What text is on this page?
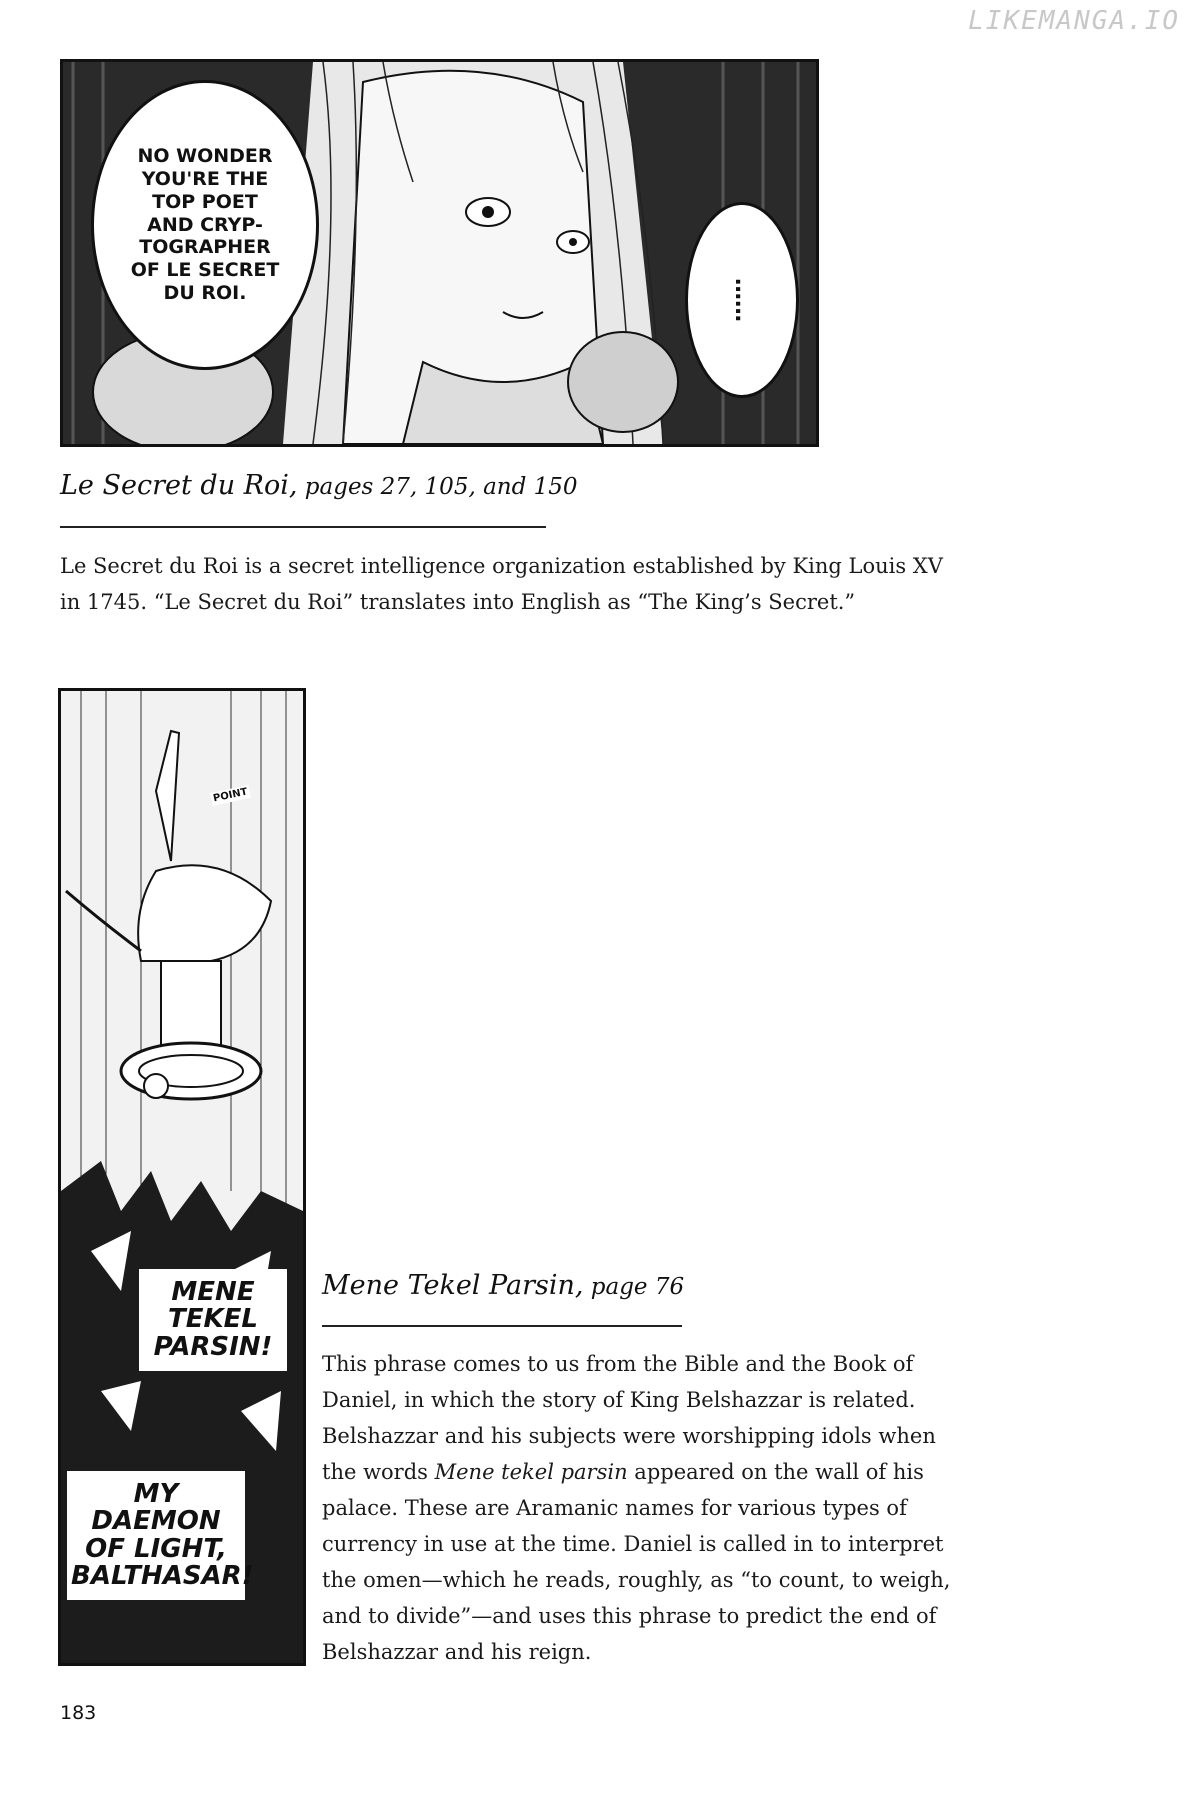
LIKEMANGA.IO
NO WONDER
YOU'RE THE
TOP POET
AND CRYP-
TOGRAPHER
OF LE SECRET
DU ROI.	……
Le Secret du Roi, pages 27, 105, and 150
Le Secret du Roi is a secret intelligence organization established by King Louis XV in 1745. “Le Secret du Roi” translates into English as “The King’s Secret.”
POINT
MENE
TEKEL
PARSIN!
MY
DAEMON
OF LIGHT,
BALTHASAR!
Mene Tekel Parsin, page 76
This phrase comes to us from the Bible and the Book of Daniel, in which the story of King Belshazzar is related. Belshazzar and his subjects were worshipping idols when the words Mene tekel parsin appeared on the wall of his palace. These are Aramanic names for various types of currency in use at the time. Daniel is called in to interpret the omen—which he reads, roughly, as “to count, to weigh, and to divide”—and uses this phrase to predict the end of Belshazzar and his reign.
183
